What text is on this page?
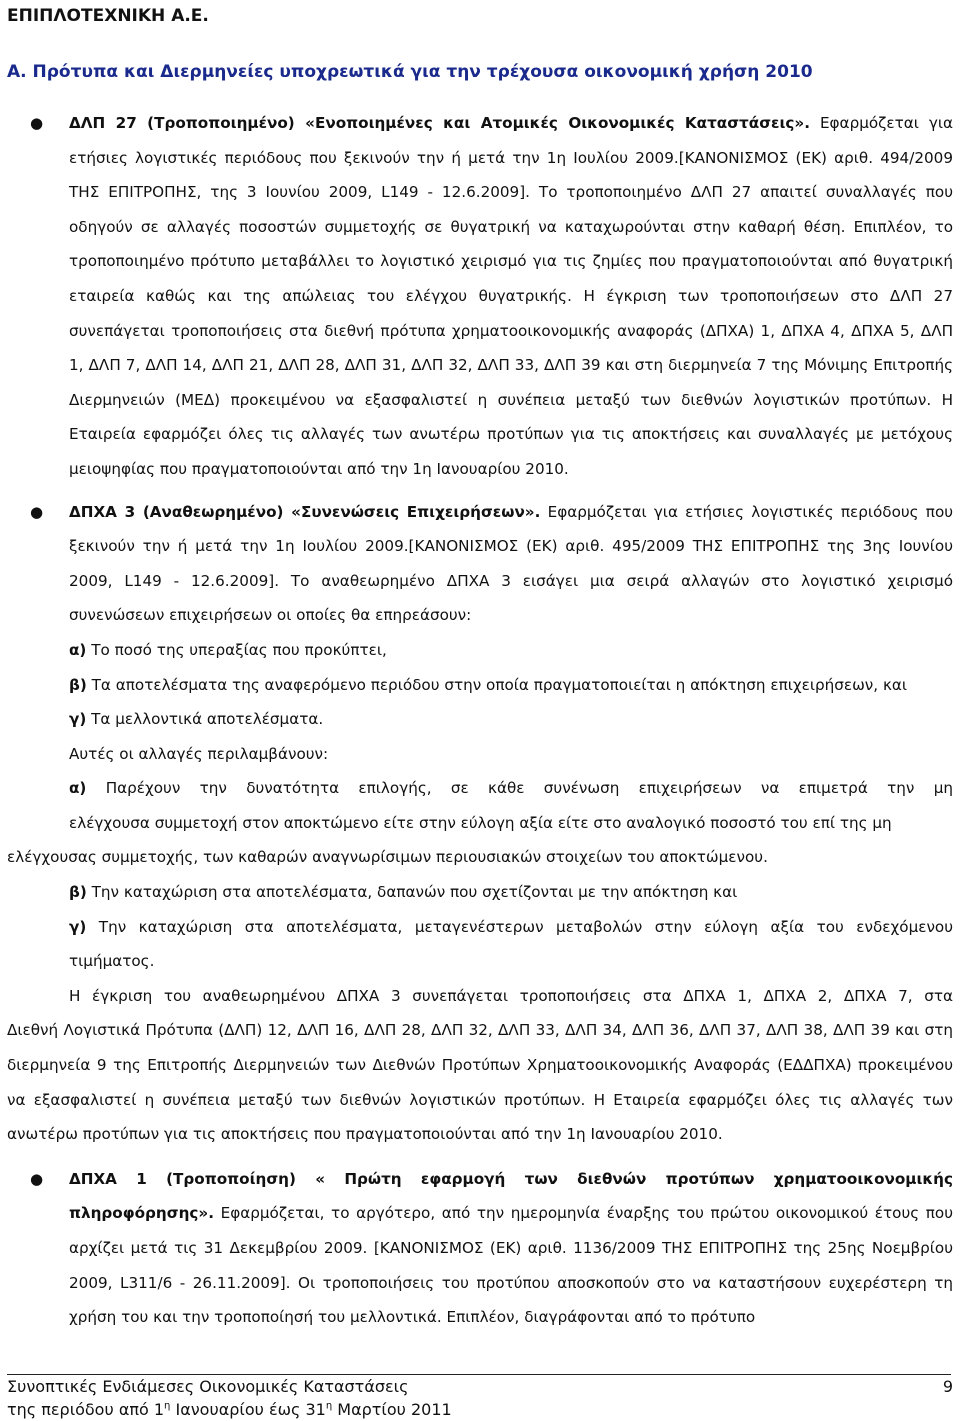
ΕΠΙΠΛΟΤΕΧΝΙΚΗ Α.Ε.
Α. Πρότυπα και Διερμηνείες υποχρεωτικά για την τρέχουσα οικονομική χρήση 2010
● ΔΛΠ 27 (Τροποποιημένο) «Ενοποιημένες και Ατομικές Οικονομικές Καταστάσεις». Εφαρμόζεται για ετήσιες λογιστικές περιόδους που ξεκινούν την ή μετά την 1η Ιουλίου 2009.[ΚΑΝΟΝΙΣΜΟΣ (ΕΚ) αριθ. 494/2009 ΤΗΣ ΕΠΙΤΡΟΠΗΣ, της 3 Ιουνίου 2009, L149 - 12.6.2009]. Το τροποποιημένο ΔΛΠ 27 απαιτεί συναλλαγές που οδηγούν σε αλλαγές ποσοστών συμμετοχής σε θυγατρική να καταχωρούνται στην καθαρή θέση. Επιπλέον, το τροποποιημένο πρότυπο μεταβάλλει το λογιστικό χειρισμό για τις ζημίες που πραγματοποιούνται από θυγατρική εταιρεία καθώς και της απώλειας του ελέγχου θυγατρικής. Η έγκριση των τροποποιήσεων στο ΔΛΠ 27 συνεπάγεται τροποποιήσεις στα διεθνή πρότυπα χρηματοοικονομικής αναφοράς (ΔΠΧΑ) 1, ΔΠΧΑ 4, ΔΠΧΑ 5, ΔΛΠ 1, ΔΛΠ 7, ΔΛΠ 14, ΔΛΠ 21, ΔΛΠ 28, ΔΛΠ 31, ΔΛΠ 32, ΔΛΠ 33, ΔΛΠ 39 και στη διερμηνεία 7 της Μόνιμης Επιτροπής Διερμηνειών (ΜΕΔ) προκειμένου να εξασφαλιστεί η συνέπεια μεταξύ των διεθνών λογιστικών προτύπων. Η Εταιρεία εφαρμόζει όλες τις αλλαγές των ανωτέρω προτύπων για τις αποκτήσεις και συναλλαγές με μετόχους μειοψηφίας που πραγματοποιούνται από την 1η Ιανουαρίου 2010.

● ΔΠΧΑ 3 (Αναθεωρημένο) «Συνενώσεις Επιχειρήσεων». Εφαρμόζεται για ετήσιες λογιστικές περιόδους που ξεκινούν την ή μετά την 1η Ιουλίου 2009.[ΚΑΝΟΝΙΣΜΟΣ (ΕΚ) αριθ. 495/2009 ΤΗΣ ΕΠΙΤΡΟΠΗΣ της 3ης Ιουνίου 2009, L149 - 12.6.2009]. Το αναθεωρημένο ΔΠΧΑ 3 εισάγει μια σειρά αλλαγών στο λογιστικό χειρισμό συνενώσεων επιχειρήσεων οι οποίες θα επηρεάσουν:

α) Το ποσό της υπεραξίας που προκύπτει,

β) Τα αποτελέσματα της αναφερόμενο περιόδου στην οποία πραγματοποιείται η απόκτηση επιχειρήσεων, και

γ) Τα μελλοντικά αποτελέσματα.

Αυτές οι αλλαγές περιλαμβάνουν:

α) Παρέχουν την δυνατότητα επιλογής, σε κάθε συνένωση επιχειρήσεων να επιμετρά την μη

ελέγχουσα συμμετοχή στον αποκτώμενο είτε στην εύλογη αξία είτε στο αναλογικό ποσοστό του επί της μη

ελέγχουσας συμμετοχής, των καθαρών αναγνωρίσιμων περιουσιακών στοιχείων του αποκτώμενου.

β) Την καταχώριση στα αποτελέσματα, δαπανών που σχετίζονται με την απόκτηση και

γ) Την καταχώριση στα αποτελέσματα, μεταγενέστερων μεταβολών στην εύλογη αξία του ενδεχόμενου

τιμήματος.

Η έγκριση του αναθεωρημένου ΔΠΧΑ 3 συνεπάγεται τροποποιήσεις στα ΔΠΧΑ 1, ΔΠΧΑ 2, ΔΠΧΑ 7, στα

Διεθνή Λογιστικά Πρότυπα (ΔΛΠ) 12, ΔΛΠ 16, ΔΛΠ 28, ΔΛΠ 32, ΔΛΠ 33, ΔΛΠ 34, ΔΛΠ 36, ΔΛΠ 37, ΔΛΠ 38, ΔΛΠ 39 και στη διερμηνεία 9 της Επιτροπής Διερμηνειών των Διεθνών Προτύπων Χρηματοοικονομικής Αναφοράς (ΕΔΔΠΧΑ) προκειμένου να εξασφαλιστεί η συνέπεια μεταξύ των διεθνών λογιστικών προτύπων. Η Εταιρεία εφαρμόζει όλες τις αλλαγές των ανωτέρω προτύπων για τις αποκτήσεις που πραγματοποιούνται από την 1η Ιανουαρίου 2010.

● ΔΠΧΑ 1 (Τροποποίηση) « Πρώτη εφαρμογή των διεθνών προτύπων χρηματοοικονομικής πληροφόρησης». Εφαρμόζεται, το αργότερο, από την ημερομηνία έναρξης του πρώτου οικονομικού έτους που αρχίζει μετά τις 31 Δεκεμβρίου 2009. [ΚΑΝΟΝΙΣΜΟΣ (ΕΚ) αριθ. 1136/2009 ΤΗΣ ΕΠΙΤΡΟΠΗΣ της 25ης Νοεμβρίου 2009, L311/6 - 26.11.2009]. Οι τροποποιήσεις του προτύπου αποσκοπούν στο να καταστήσουν ευχερέστερη τη χρήση του και την τροποποίησή του μελλοντικά. Επιπλέον, διαγράφονται από το πρότυπο

Συνοπτικές Ενδιάμεσες Οικονομικές Καταστάσεις	9
της περιόδου από $1^\eta$ Ιανουαρίου έως $31^\eta$ Μαρτίου 2011
